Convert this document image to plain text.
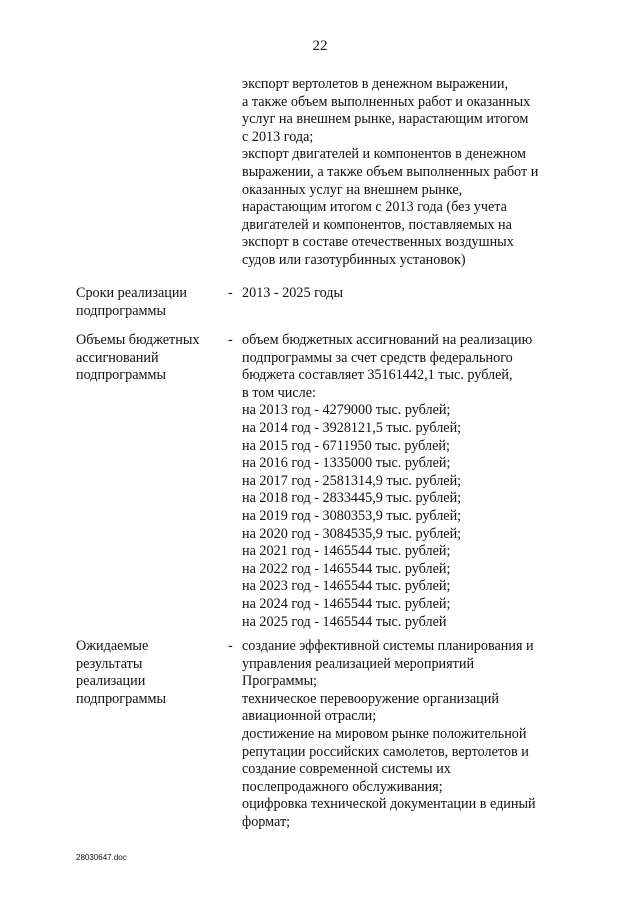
22
экспорт вертолетов в денежном выражении,
а также объем выполненных работ и оказанных
услуг на внешнем рынке, нарастающим итогом
с 2013 года;
экспорт двигателей и компонентов в денежном
выражении, а также объем выполненных работ и
оказанных услуг на внешнем рынке,
нарастающим итогом с 2013 года (без учета
двигателей и компонентов, поставляемых на
экспорт в составе отечественных воздушных
судов или газотурбинных установок)
Сроки реализации
подпрограммы
- 2013 - 2025 годы
Объемы бюджетных
ассигнований
подпрограммы
- объем бюджетных ассигнований на реализацию
подпрограммы за счет средств федерального
бюджета составляет 35161442,1 тыс. рублей,
в том числе:
на 2013 год - 4279000 тыс. рублей;
на 2014 год - 3928121,5 тыс. рублей;
на 2015 год - 6711950 тыс. рублей;
на 2016 год - 1335000 тыс. рублей;
на 2017 год - 2581314,9 тыс. рублей;
на 2018 год - 2833445,9 тыс. рублей;
на 2019 год - 3080353,9 тыс. рублей;
на 2020 год - 3084535,9 тыс. рублей;
на 2021 год - 1465544 тыс. рублей;
на 2022 год - 1465544 тыс. рублей;
на 2023 год - 1465544 тыс. рублей;
на 2024 год - 1465544 тыс. рублей;
на 2025 год - 1465544 тыс. рублей
Ожидаемые
результаты
реализации
подпрограммы
- создание эффективной системы планирования и
управления реализацией мероприятий
Программы;
техническое перевооружение организаций
авиационной отрасли;
достижение на мировом рынке положительной
репутации российских самолетов, вертолетов и
создание современной системы их
послепродажного обслуживания;
оцифровка технической документации в единый
формат;
28030647.doc
